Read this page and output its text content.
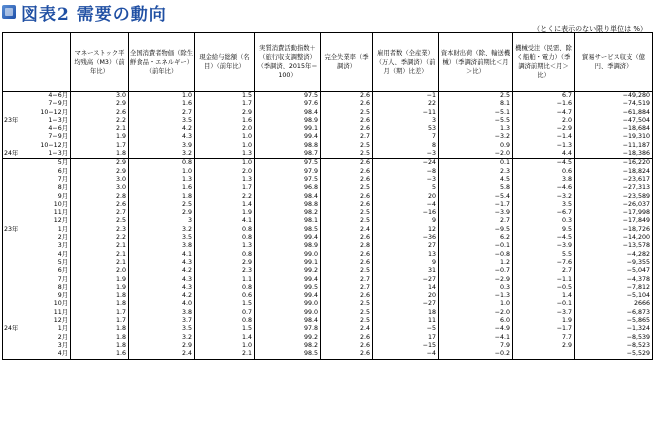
図表2 需要の動向
（とくに表示のない限り単位は %）
	マネーストック平均残高（M3）（前年比）	全国消費者物価（除生鮮食品・エネルギー）（前年比）	現金給与総額（名目）（前年比）	実質消費活動指数＋（旅行収支調整済）（季調済、2015年＝100）	完全失業率（季調済）	雇用者数（全産業）（万人、季調済）（前月（期）比差）	資本財出荷（除、輸送機械）（季調済前期比＜月＞比）	機械受注（民需、除く船舶・電力）（季調済前期比＜月＞比）	貿易サービス収支（億円、季調済）

4−6月	3.0	1.0	1.5	97.5	2.6	−1	2.5	6.7	−49,280

7−9月	2.9	1.6	1.7	97.6	2.6	22	8.1	−1.6	−74,519

10−12月	2.6	2.7	2.9	98.4	2.5	−11	−5.1	−4.7	−61,884

23年 1−3月	2.2	3.5	1.6	98.9	2.6	3	−5.5	2.0	−47,504

4−6月	2.1	4.2	2.0	99.1	2.6	53	1.3	−2.9	−18,684

7−9月	1.9	4.3	1.0	99.4	2.7	7	−3.2	−1.4	−19,310

10−12月	1.7	3.9	1.0	98.8	2.5	8	0.9	−1.3	−11,187

24年 1−3月	1.8	3.2	1.3	98.7	2.5	−3	−2.0	4.4	−18,386

5月	2.9	0.8	1.0	97.5	2.6	−24	0.1	−4.5	−16,220

6月	2.9	1.0	2.0	97.9	2.6	−8	2.3	0.6	−18,824

7月	3.0	1.3	1.3	97.5	2.6	−3	4.5	3.8	−23,617

8月	3.0	1.6	1.7	96.8	2.5	5	5.8	−4.6	−27,313

9月	2.8	1.8	2.2	98.4	2.6	20	−5.4	−3.2	−23,589

10月	2.6	2.5	1.4	98.8	2.6	−4	−1.7	3.5	−26,037

11月	2.7	2.9	1.9	98.2	2.5	−16	−3.9	−6.7	−17,998

12月	2.5	3	4.1	98.1	2.5	9	2.7	0.3	−17,849

23年 1月	2.3	3.2	0.8	98.5	2.4	12	−9.5	9.5	−18,726

2月	2.2	3.5	0.8	99.4	2.6	−36	6.2	−4.5	−14,200

3月	2.1	3.8	1.3	98.9	2.8	27	−0.1	−3.9	−13,578

4月	2.1	4.1	0.8	99.0	2.6	13	−0.8	5.5	−4,282

5月	2.1	4.3	2.9	99.1	2.6	9	1.2	−7.6	−9,355

6月	2.0	4.2	2.3	99.2	2.5	31	−0.7	2.7	−5,047

7月	1.9	4.3	1.1	99.4	2.7	−27	−2.9	−1.1	−4,378

8月	1.9	4.3	0.8	99.5	2.7	14	0.3	−0.5	−7,812

9月	1.8	4.2	0.6	99.4	2.6	20	−1.3	1.4	−5,104

10月	1.8	4.0	1.5	99.0	2.5	−27	1.0	−0.1	2666

11月	1.7	3.8	0.7	99.0	2.5	18	−2.0	−3.7	−6,873

12月	1.7	3.7	0.8	98.4	2.5	11	6.0	1.9	−5,865

24年 1月	1.8	3.5	1.5	97.8	2.4	−5	−4.9	−1.7	−1,324

2月	1.8	3.2	1.4	99.2	2.6	17	−4.1	7.7	−8,539

3月	1.8	2.9	1.0	98.2	2.6	−15	7.9	2.9	−8,523

4月	1.6	2.4	2.1	98.5	2.6	−4	−0.2		−5,529
